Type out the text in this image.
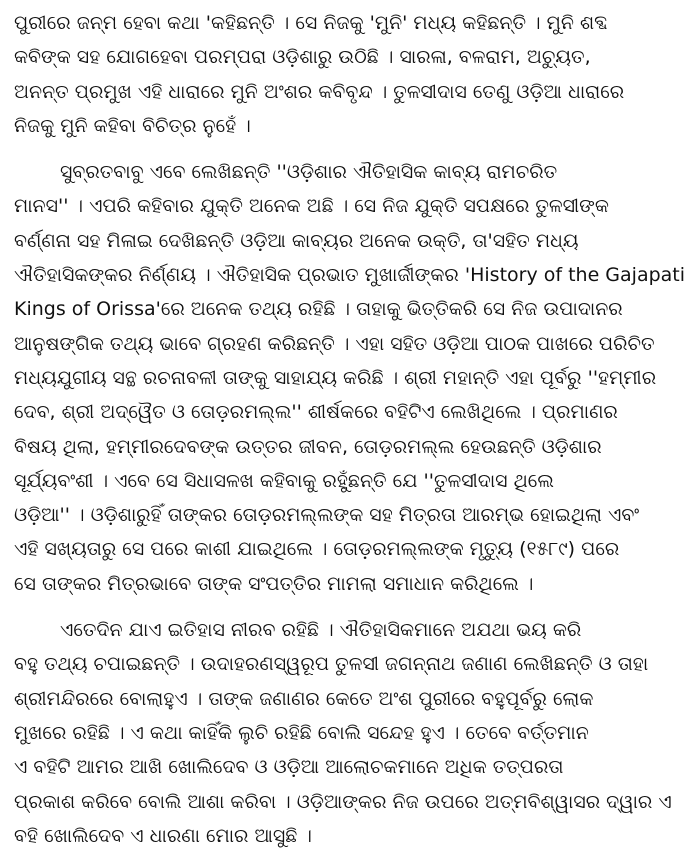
ପୁରୀରେ ଜନ୍ମ ହେବା କଥା 'କହିଛନ୍ତି । ସେ ନିଜକୁ 'ମୁନି' ମଧ୍ୟ କହିଛନ୍ତି । ମୁନି ଶବ୍ଦ
କବିଙ୍କ ସହ ଯୋଗହେବା ପରମ୍ପରା ଓଡ଼ିଶାରୁ ଉଠିଛି । ସାରଳା, ବଳରାମ, ଅଚ୍ୟୁତ,
ଅନନ୍ତ ପ୍ରମୁଖ ଏହି ଧାରାରେ ମୁନି ଅଂଶର କବିବୃନ୍ଦ । ତୁଳସୀଦାସ ତେଣୁ ଓଡ଼ିଆ ଧାରାରେ
ନିଜକୁ ମୁନି କହିବା ବିଚିତ୍ର ନୁହେଁ ।
ସୁବ୍ରତବାବୁ ଏବେ ଲେଖିଛନ୍ତି ''ଓଡ଼ିଶାର ଐତିହାସିକ କାବ୍ୟ ରାମଚରିତ
ମାନସ'' । ଏପରି କହିବାର ଯୁକ୍ତି ଅନେକ ଅଛି । ସେ ନିଜ ଯୁକ୍ତି ସପକ୍ଷରେ ତୁଳସୀଙ୍କ
ବର୍ଣ୍ଣନା ସହ ମିଳାଇ ଦେଖିଛନ୍ତି ଓଡ଼ିଆ କାବ୍ୟର ଅନେକ ଉକ୍ତି, ତା'ସହିତ ମଧ୍ୟ
ଐତିହାସିକଙ୍କର ନିର୍ଣ୍ଣୟ । ଐତିହାସିକ ପ୍ରଭାତ ମୁଖାର୍ଜୀଙ୍କର 'History of the Gajapati
Kings of Orissa'ରେ ଅନେକ ତଥ୍ୟ ରହିଛି । ତାହାକୁ ଭିତ୍ତିକରି ସେ ନିଜ ଉପାଦାନର
ଆନୁଷଙ୍ଗିକ ତଥ୍ୟ ଭାବେ ଗ୍ରହଣ କରିଛନ୍ତି । ଏହା ସହିତ ଓଡ଼ିଆ ପାଠକ ପାଖରେ ପରିଚିତ
ମଧ୍ୟଯୁଗୀୟ ସନ୍ଥ ରଚନାବଳୀ ତାଙ୍କୁ ସାହାଯ୍ୟ କରିଛି । ଶ୍ରୀ ମହାନ୍ତି ଏହା ପୂର୍ବରୁ ''ହମ୍ମୀର
ଦେବ, ଶ୍ରୀ ଅଦ୍ୱୈତ ଓ ତୋଡ଼ରମଲ୍ଲ'' ଶୀର୍ଷକରେ ବହିଟିଏ ଲେଖିଥିଲେ । ପ୍ରମାଣର
ବିଷୟ ଥିଲା, ହମ୍ମୀରଦେବଙ୍କ ଉତ୍ତର ଜୀବନ, ତୋଡ଼ରମଲ୍ଲ ହେଉଛନ୍ତି ଓଡ଼ିଶାର
ସୂର୍ଯ୍ୟବଂଶୀ । ଏବେ ସେ ସିଧାସଳଖ କହିବାକୁ ରହୁଁଛନ୍ତି ଯେ ''ତୁଳସୀଦାସ ଥିଲେ
ଓଡ଼ିଆ'' । ଓଡ଼ିଶାରୁହିଁ ତାଙ୍କର ତୋଡ଼ରମଲ୍ଲଙ୍କ ସହ ମିତ୍ରତା ଆରମ୍ଭ ହୋଇଥିଲା ଏବଂ
ଏହି ସଖ୍ୟତାରୁ ସେ ପରେ କାଶୀ ଯାଇଥିଲେ । ତୋଡ଼ରମଲ୍ଲଙ୍କ ମୃତ୍ୟୁ (୧୫୮୯) ପରେ
ସେ ତାଙ୍କର ମିତ୍ରଭାବେ ତାଙ୍କ ସଂପତ୍ତିର ମାମଲା ସମାଧାନ କରିଥିଲେ ।
ଏତେଦିନ ଯାଏ ଇତିହାସ ନୀରବ ରହିଛି । ଐତିହାସିକମାନେ ଅଯଥା ଭୟ କରି
ବହୁ ତଥ୍ୟ ଚପାଇଛନ୍ତି । ଉଦାହରଣସ୍ୱରୂପ ତୁଳସୀ ଜଗନ୍ନାଥ ଜଣାଣ ଲେଖିଛନ୍ତି ଓ ତାହା
ଶ୍ରୀମନ୍ଦିରରେ ବୋଲାହୁଏ । ତାଙ୍କ ଜଣାଣର କେତେ ଅଂଶ ପୁରୀରେ ବହୁପୂର୍ବରୁ ଲୋକ
ମୁଖରେ ରହିଛି । ଏ କଥା କାହିଁକି ଲୁଚି ରହିଛି ବୋଲି ସନ୍ଦେହ ହୁଏ । ତେବେ ବର୍ତ୍ତମାନ
ଏ ବହିଟି ଆମର ଆଖି ଖୋଲିଦେବ ଓ ଓଡ଼ିଆ ଆଲୋଚକମାନେ ଅଧିକ ତତ୍ପରତା
ପ୍ରକାଶ କରିବେ ବୋଲି ଆଶା କରିବା । ଓଡ଼ିଆଙ୍କର ନିଜ ଉପରେ ଅତ୍ମବିଶ୍ୱାସର ଦ୍ୱାର ଏ
ବହି ଖୋଲିଦେବ ଏ ଧାରଣା ମୋର ଆସୁଛି ।
